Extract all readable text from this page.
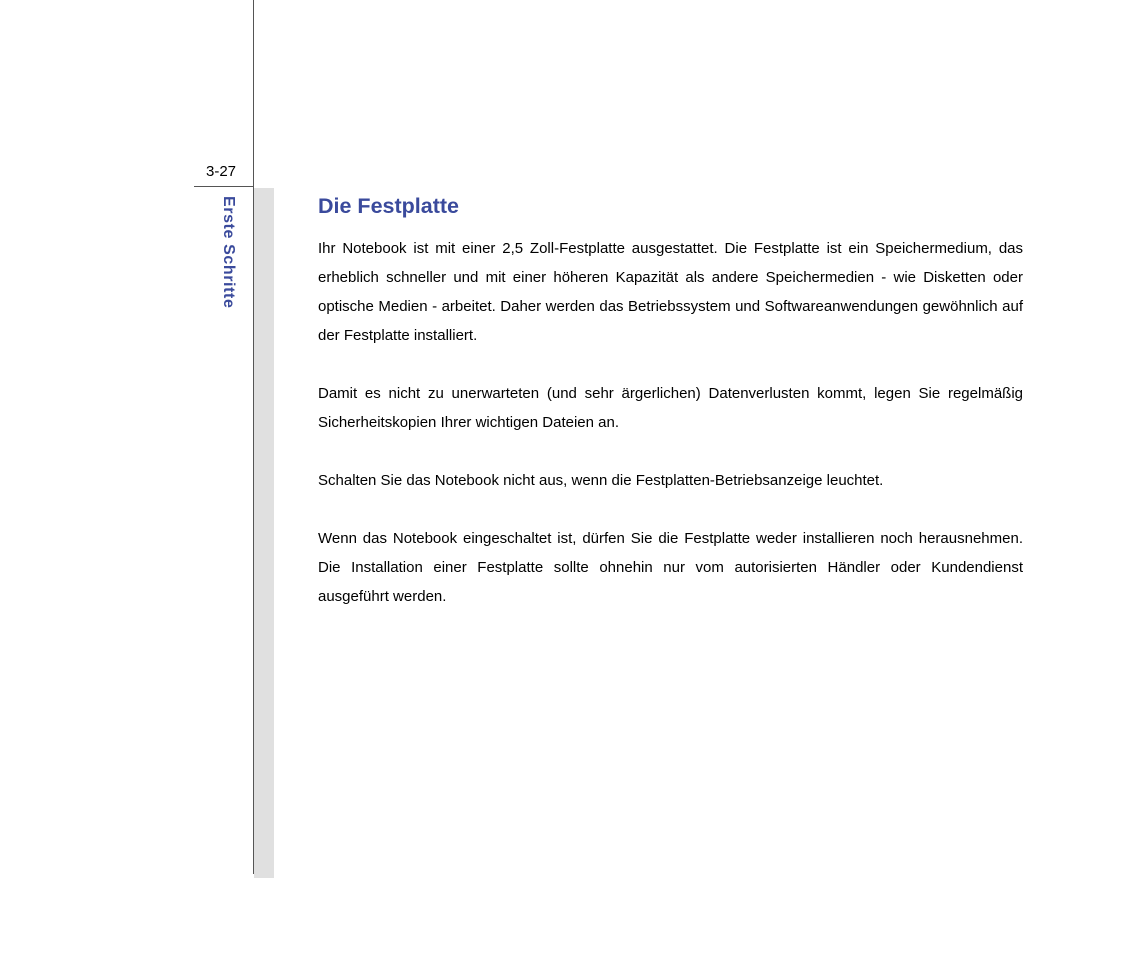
3-27
Erste Schritte	Die Festplatte

Ihr Notebook ist mit einer 2,5 Zoll-Festplatte ausgestattet. Die Festplatte ist ein Speichermedium, das erheblich schneller und mit einer höheren Kapazität als andere Speichermedien - wie Disketten oder optische Medien - arbeitet. Daher werden das Betriebssystem und Softwareanwendungen gewöhnlich auf der Festplatte installiert.

Damit es nicht zu unerwarteten (und sehr ärgerlichen) Datenverlusten kommt, legen Sie regelmäßig Sicherheitskopien Ihrer wichtigen Dateien an.

Schalten Sie das Notebook nicht aus, wenn die Festplatten-Betriebsanzeige leuchtet.

Wenn das Notebook eingeschaltet ist, dürfen Sie die Festplatte weder installieren noch herausnehmen. Die Installation einer Festplatte sollte ohnehin nur vom autorisierten Händler oder Kundendienst ausgeführt werden.
